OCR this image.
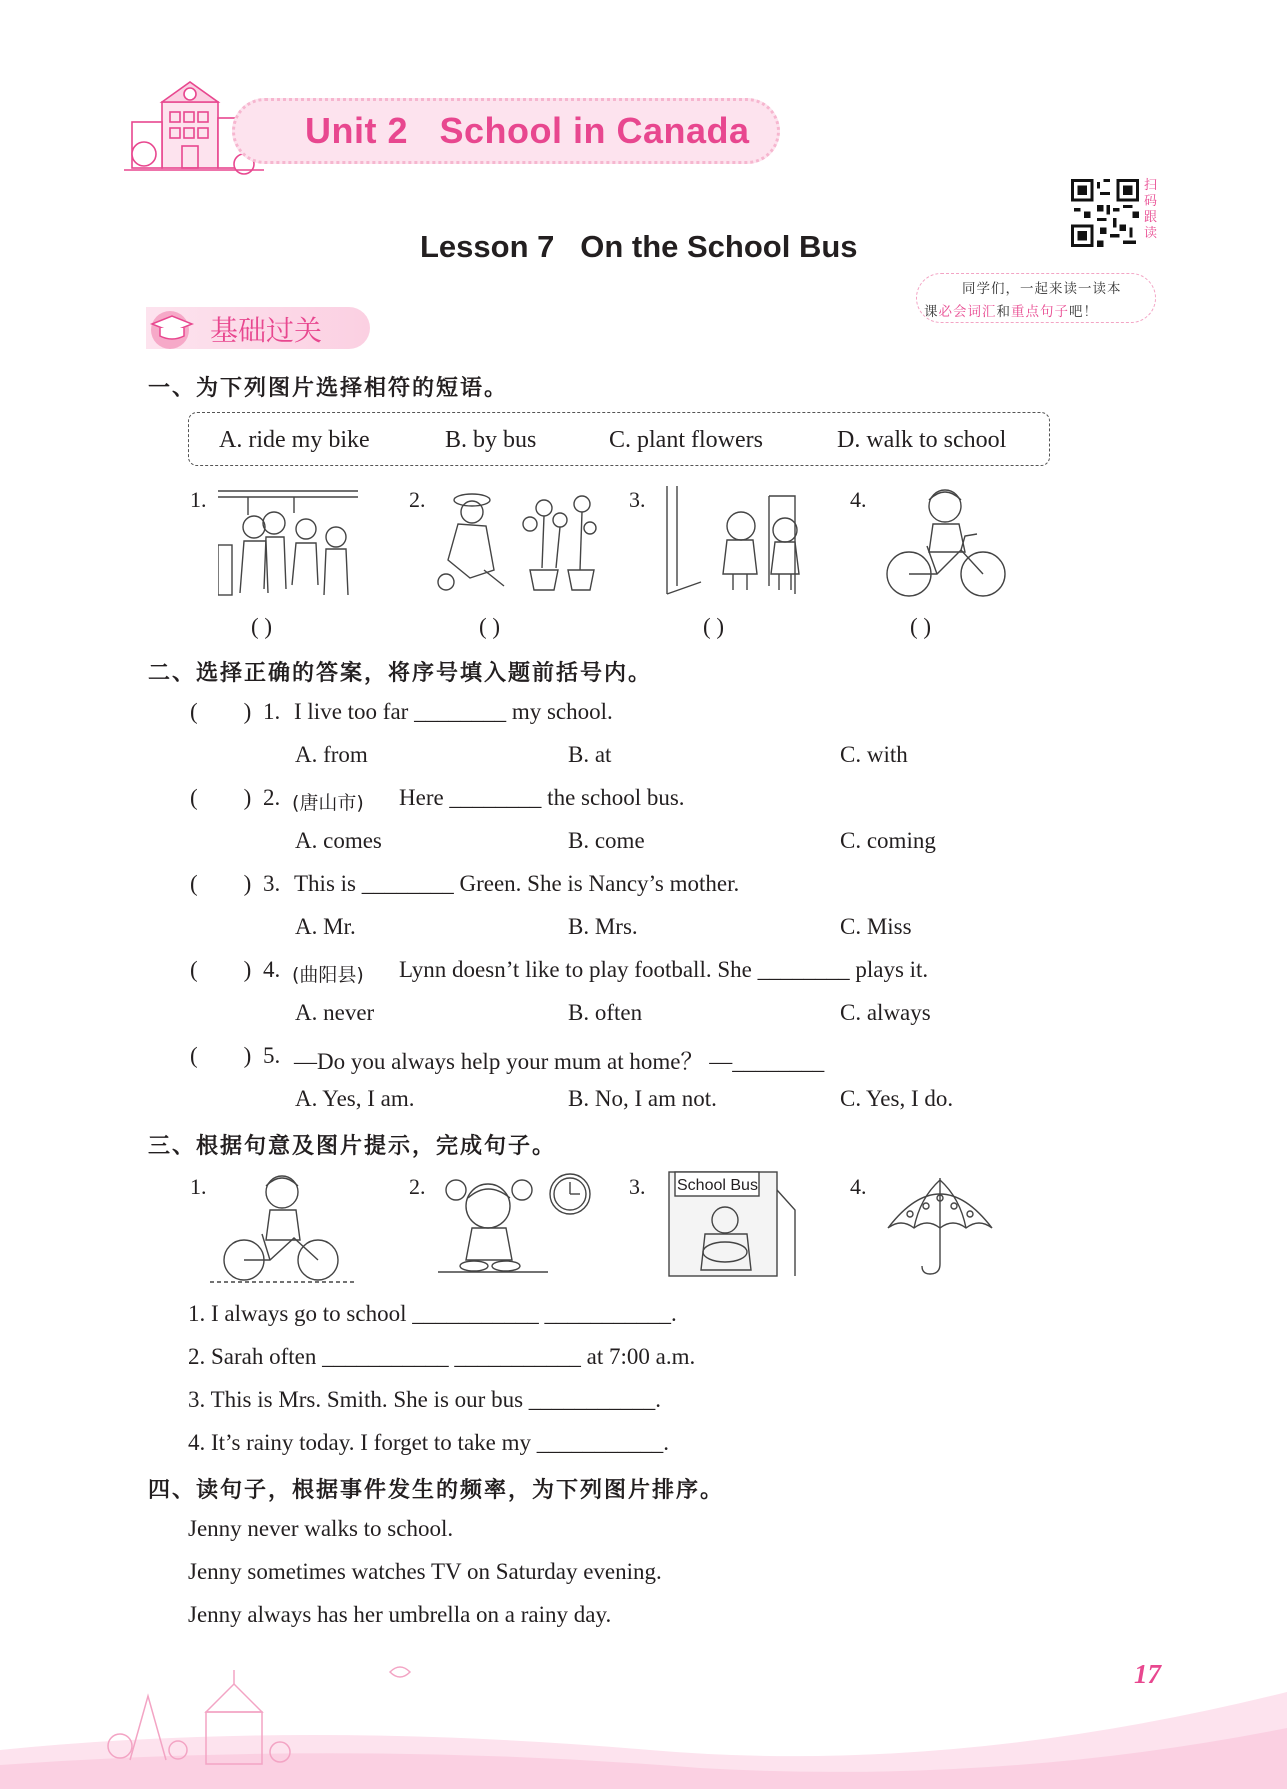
Unit 2   School in Canada
Lesson 7   On the School Bus
扫码跟读
同学们，一起来读一读本
课必会词汇和重点句子吧！
基础过关
一、为下列图片选择相符的短语。
A. ride my bike	B. by bus	C. plant flowers	D. walk to school
1.	2.	3.	4.
( )	( )	( )	( )
二、选择正确的答案，将序号填入题前括号内。
(        ) 1. I live too far ________ my school.
A. from	B. at	C. with
(        ) 2. (唐山市) Here ________ the school bus.
A. comes	B. come	C. coming
(        ) 3. This is ________ Green. She is Nancy’s mother.
A. Mr.	B. Mrs.	C. Miss
(        ) 4. (曲阳县) Lynn doesn’t like to play football. She ________ plays it.
A. never	B. often	C. always
(        ) 5. —Do you always help your mum at home？ —________
A. Yes, I am.	B. No, I am not.	C. Yes, I do.
三、根据句意及图片提示，完成句子。
1.	2.	3.	4.
School Bus
1. I always go to school ___________ ___________.
2. Sarah often ___________ ___________ at 7:00 a.m.
3. This is Mrs. Smith. She is our bus ___________.
4. It’s rainy today. I forget to take my ___________.
四、读句子，根据事件发生的频率，为下列图片排序。
Jenny never walks to school.
Jenny sometimes watches TV on Saturday evening.
Jenny always has her umbrella on a rainy day.
17
